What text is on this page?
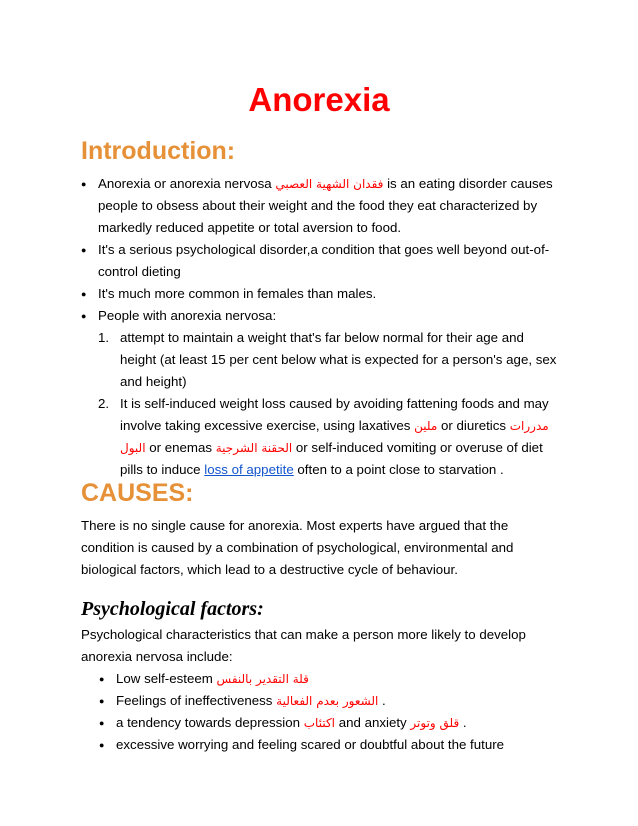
Anorexia
Introduction:
● Anorexia or anorexia nervosa فقدان الشهية العصبي is an eating disorder causes people to obsess about their weight and the food they eat characterized by markedly reduced appetite or total aversion to food.
● It's a serious psychological disorder,a condition that goes well beyond out-of-control dieting
● It's much more common in females than males.
● People with anorexia nervosa:
1. attempt to maintain a weight that's far below normal for their age and height (at least 15 per cent below what is expected for a person's age, sex and height)
2. It is self-induced weight loss caused by avoiding fattening foods and may involve taking excessive exercise, using laxatives ملين or diuretics مدررات البول or enemas الحقنة الشرجية or self-induced vomiting or overuse of diet pills to induce loss of appetite often to a point close to starvation .
CAUSES:

There is no single cause for anorexia. Most experts have argued that the condition is caused by a combination of psychological, environmental and biological factors, which lead to a destructive cycle of behaviour.

Psychological factors:

Psychological characteristics that can make a person more likely to develop anorexia nervosa include:

● Low self-esteem قلة التقدير بالنفس
● Feelings of ineffectiveness الشعور بعدم الفعالية .
● a tendency towards depression اكتئاب and anxiety قلق وتوتر .
● excessive worrying and feeling scared or doubtful about the future
